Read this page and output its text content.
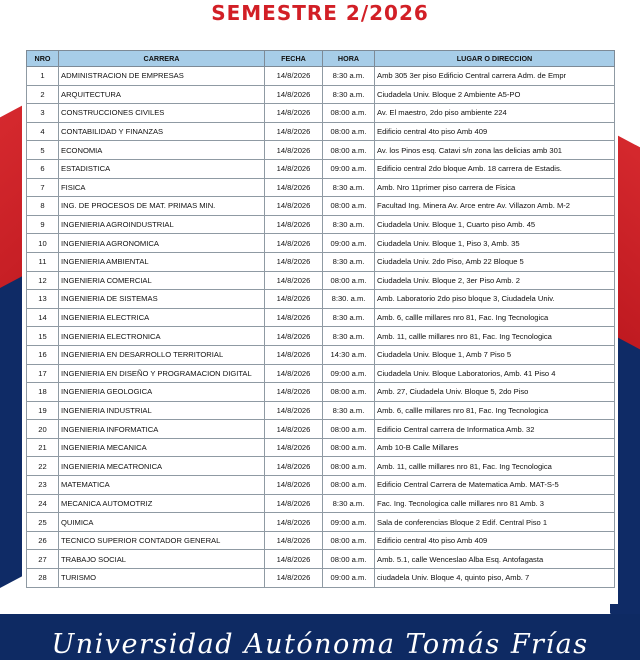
SEMESTRE 2/2026
NRO	CARRERA	FECHA	HORA	LUGAR O DIRECCION
1	ADMINISTRACION DE EMPRESAS	14/8/2026	8:30 a.m.	Amb 305 3er piso Edificio Central carrera Adm. de Empr
2	ARQUITECTURA	14/8/2026	8:30 a.m.	Ciudadela Univ. Bloque 2 Ambiente A5-PO
3	CONSTRUCCIONES CIVILES	14/8/2026	08:00 a.m.	Av. El maestro, 2do piso ambiente 224
4	CONTABILIDAD Y FINANZAS	14/8/2026	08:00 a.m.	Edificio central 4to piso Amb 409
5	ECONOMIA	14/8/2026	08:00 a.m.	Av. los Pinos esq. Catavi s/n zona las delicias amb 301
6	ESTADISTICA	14/8/2026	09:00 a.m.	Edificio central 2do bloque Amb. 18 carrera de Estadis.
7	FISICA	14/8/2026	8:30 a.m.	Amb. Nro 11primer piso carrera de Fisica
8	ING. DE PROCESOS DE MAT. PRIMAS MIN.	14/8/2026	08:00 a.m.	Facultad Ing. Minera Av. Arce entre Av. Villazon Amb. M-2
9	INGENIERIA AGROINDUSTRIAL	14/8/2026	8:30 a.m.	Ciudadela Univ. Bloque 1, Cuarto piso Amb. 45
10	INGENIERIA AGRONOMICA	14/8/2026	09:00 a.m.	Ciudadela Univ. Bloque 1, Piso 3, Amb. 35
11	INGENIERIA AMBIENTAL	14/8/2026	8:30 a.m.	Ciudadela Univ. 2do Piso, Amb 22 Bloque 5
12	INGENIERIA COMERCIAL	14/8/2026	08:00 a.m.	Ciudadela Univ. Bloque 2, 3er Piso Amb. 2
13	INGENIERIA DE SISTEMAS	14/8/2026	8:30. a.m.	Amb. Laboratorio 2do piso bloque 3, Ciudadela Univ.
14	INGENIERIA ELECTRICA	14/8/2026	8:30 a.m.	Amb. 6, callle millares nro 81, Fac. Ing Tecnologica
15	INGENIERIA ELECTRONICA	14/8/2026	8:30 a.m.	Amb. 11, callle millares nro 81, Fac. Ing Tecnologica
16	INGENIERIA EN DESARROLLO TERRITORIAL	14/8/2026	14:30 a.m.	Ciudadela Univ. Bloque 1, Amb 7 Piso 5
17	INGENIERIA EN DISEÑO Y PROGRAMACION DIGITAL	14/8/2026	09:00 a.m.	Ciudadela Univ. Bloque Laboratorios, Amb. 41 Piso 4
18	INGENIERIA GEOLOGICA	14/8/2026	08:00 a.m.	Amb. 27, Ciudadela Univ. Bloque 5, 2do Piso
19	INGENIERIA INDUSTRIAL	14/8/2026	8:30 a.m.	Amb. 6, callle millares nro 81, Fac. Ing Tecnologica
20	INGENIERIA INFORMATICA	14/8/2026	08:00 a.m.	Edificio Central carrera de Informatica Amb. 32
21	INGENIERIA MECANICA	14/8/2026	08:00 a.m.	Amb 10-B Calle Millares
22	INGENIERIA MECATRONICA	14/8/2026	08:00 a.m.	Amb. 11, callle millares nro 81, Fac. Ing Tecnologica
23	MATEMATICA	14/8/2026	08:00 a.m.	Edificio Central Carrera de Matematica Amb. MAT-S-5
24	MECANICA AUTOMOTRIZ	14/8/2026	8:30 a.m.	Fac. Ing. Tecnologica calle millares nro 81 Amb. 3
25	QUIMICA	14/8/2026	09:00 a.m.	Sala de conferencias Bloque 2 Edif. Central Piso 1
26	TECNICO SUPERIOR CONTADOR GENERAL	14/8/2026	08:00 a.m.	Edificio central 4to piso Amb 409
27	TRABAJO SOCIAL	14/8/2026	08:00 a.m.	Amb. 5.1, calle Wenceslao Alba Esq. Antofagasta
28	TURISMO	14/8/2026	09:00 a.m.	ciudadela Univ. Bloque 4, quinto piso, Amb. 7
Universidad Autónoma Tomás Frías
